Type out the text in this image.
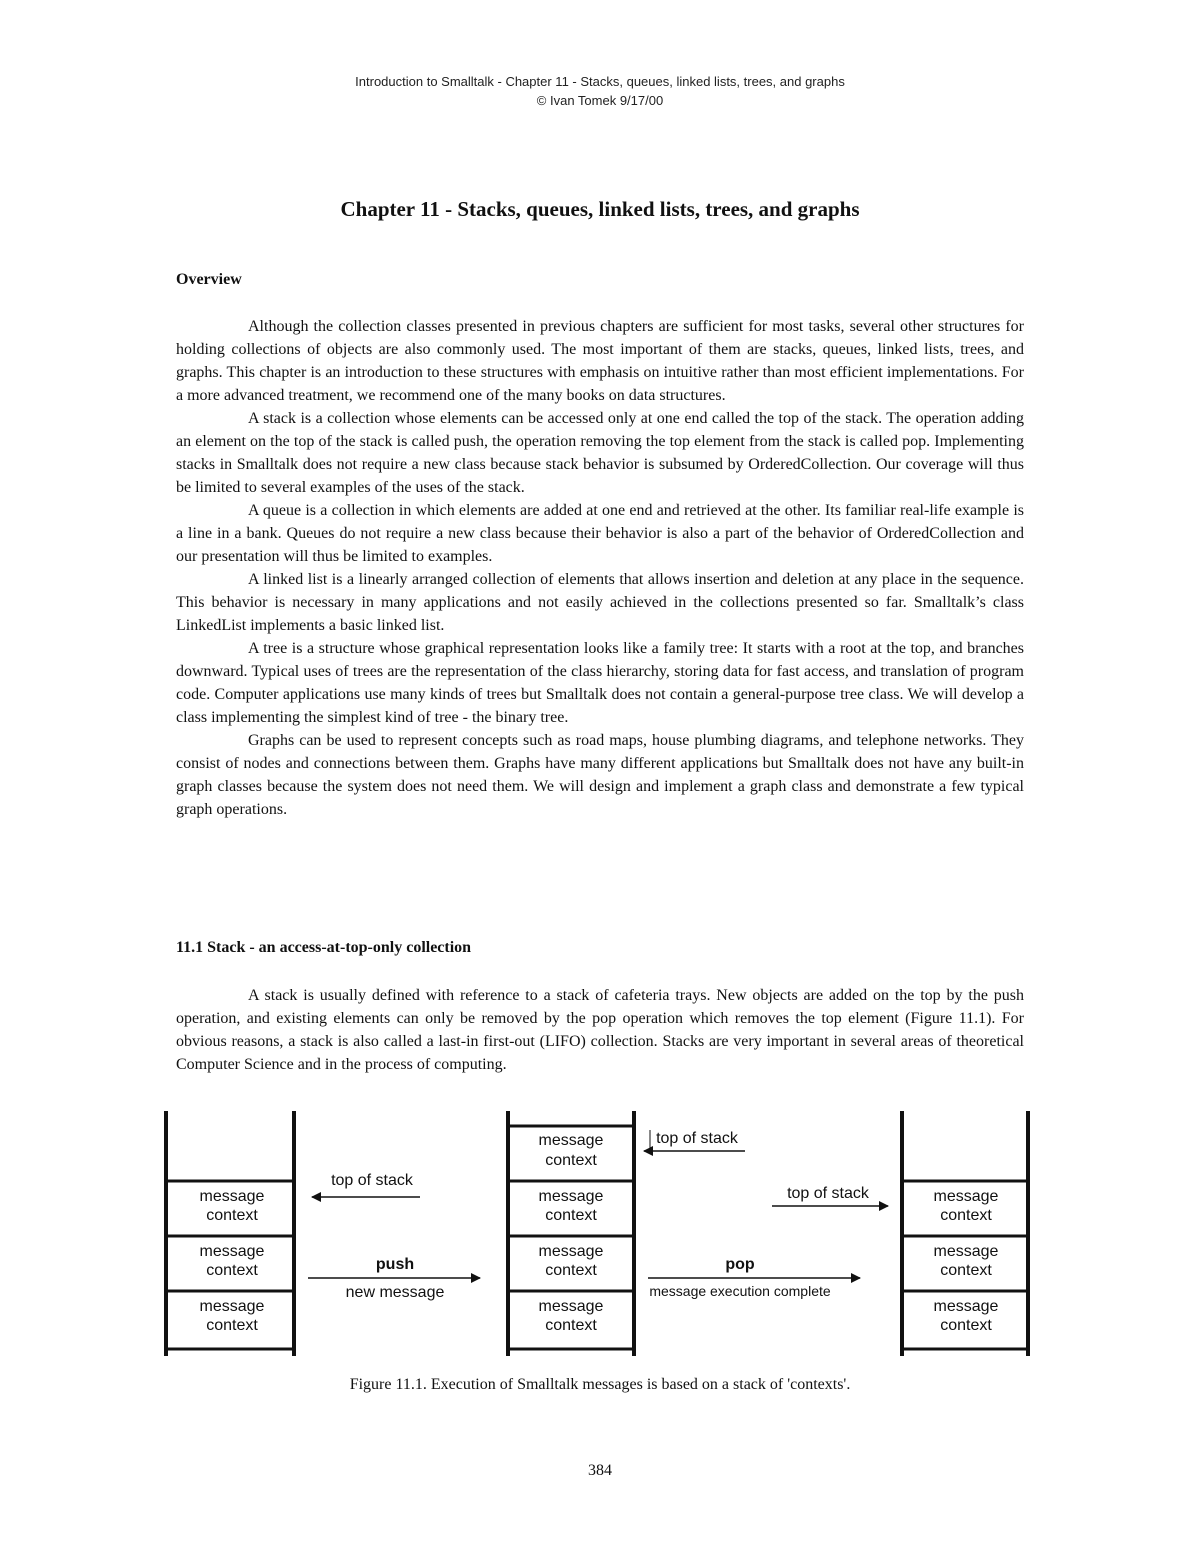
Introduction to Smalltalk - Chapter 11 - Stacks, queues, linked lists, trees, and graphs
© Ivan Tomek 9/17/00
Chapter 11 - Stacks, queues, linked lists, trees, and graphs
Overview

Although the collection classes presented in previous chapters are sufficient for most tasks, several other structures for holding collections of objects are also commonly used. The most important of them are stacks, queues, linked lists, trees, and graphs. This chapter is an introduction to these structures with emphasis on intuitive rather than most efficient implementations. For a more advanced treatment, we recommend one of the many books on data structures.

A stack is a collection whose elements can be accessed only at one end called the top of the stack. The operation adding an element on the top of the stack is called push, the operation removing the top element from the stack is called pop. Implementing stacks in Smalltalk does not require a new class because stack behavior is subsumed by OrderedCollection. Our coverage will thus be limited to several examples of the uses of the stack.

A queue is a collection in which elements are added at one end and retrieved at the other. Its familiar real-life example is a line in a bank. Queues do not require a new class because their behavior is also a part of the behavior of OrderedCollection and our presentation will thus be limited to examples.

A linked list is a linearly arranged collection of elements that allows insertion and deletion at any place in the sequence. This behavior is necessary in many applications and not easily achieved in the collections presented so far. Smalltalk’s class LinkedList implements a basic linked list.

A tree is a structure whose graphical representation looks like a family tree: It starts with a root at the top, and branches downward. Typical uses of trees are the representation of the class hierarchy, storing data for fast access, and translation of program code. Computer applications use many kinds of trees but Smalltalk does not contain a general-purpose tree class. We will develop a class implementing the simplest kind of tree - the binary tree.

Graphs can be used to represent concepts such as road maps, house plumbing diagrams, and telephone networks. They consist of nodes and connections between them. Graphs have many different applications but Smalltalk does not have any built-in graph classes because the system does not need them. We will design and implement a graph class and demonstrate a few typical graph operations.

11.1 Stack - an access-at-top-only collection

A stack is usually defined with reference to a stack of cafeteria trays. New objects are added on the top by the push operation, and existing elements can only be removed by the pop operation which removes the top element (Figure 11.1). For obvious reasons, a stack is also called a last-in first-out (LIFO) collection. Stacks are very important in several areas of theoretical Computer Science and in the process of computing.

message
context
message
context
message
context
top of stack
push
new message
message
context
message
context
message
context
message
context
top of stack
pop
message execution complete
top of stack	message
context
message
context
message
context
Figure 11.1. Execution of Smalltalk messages is based on a stack of 'contexts'.
384
